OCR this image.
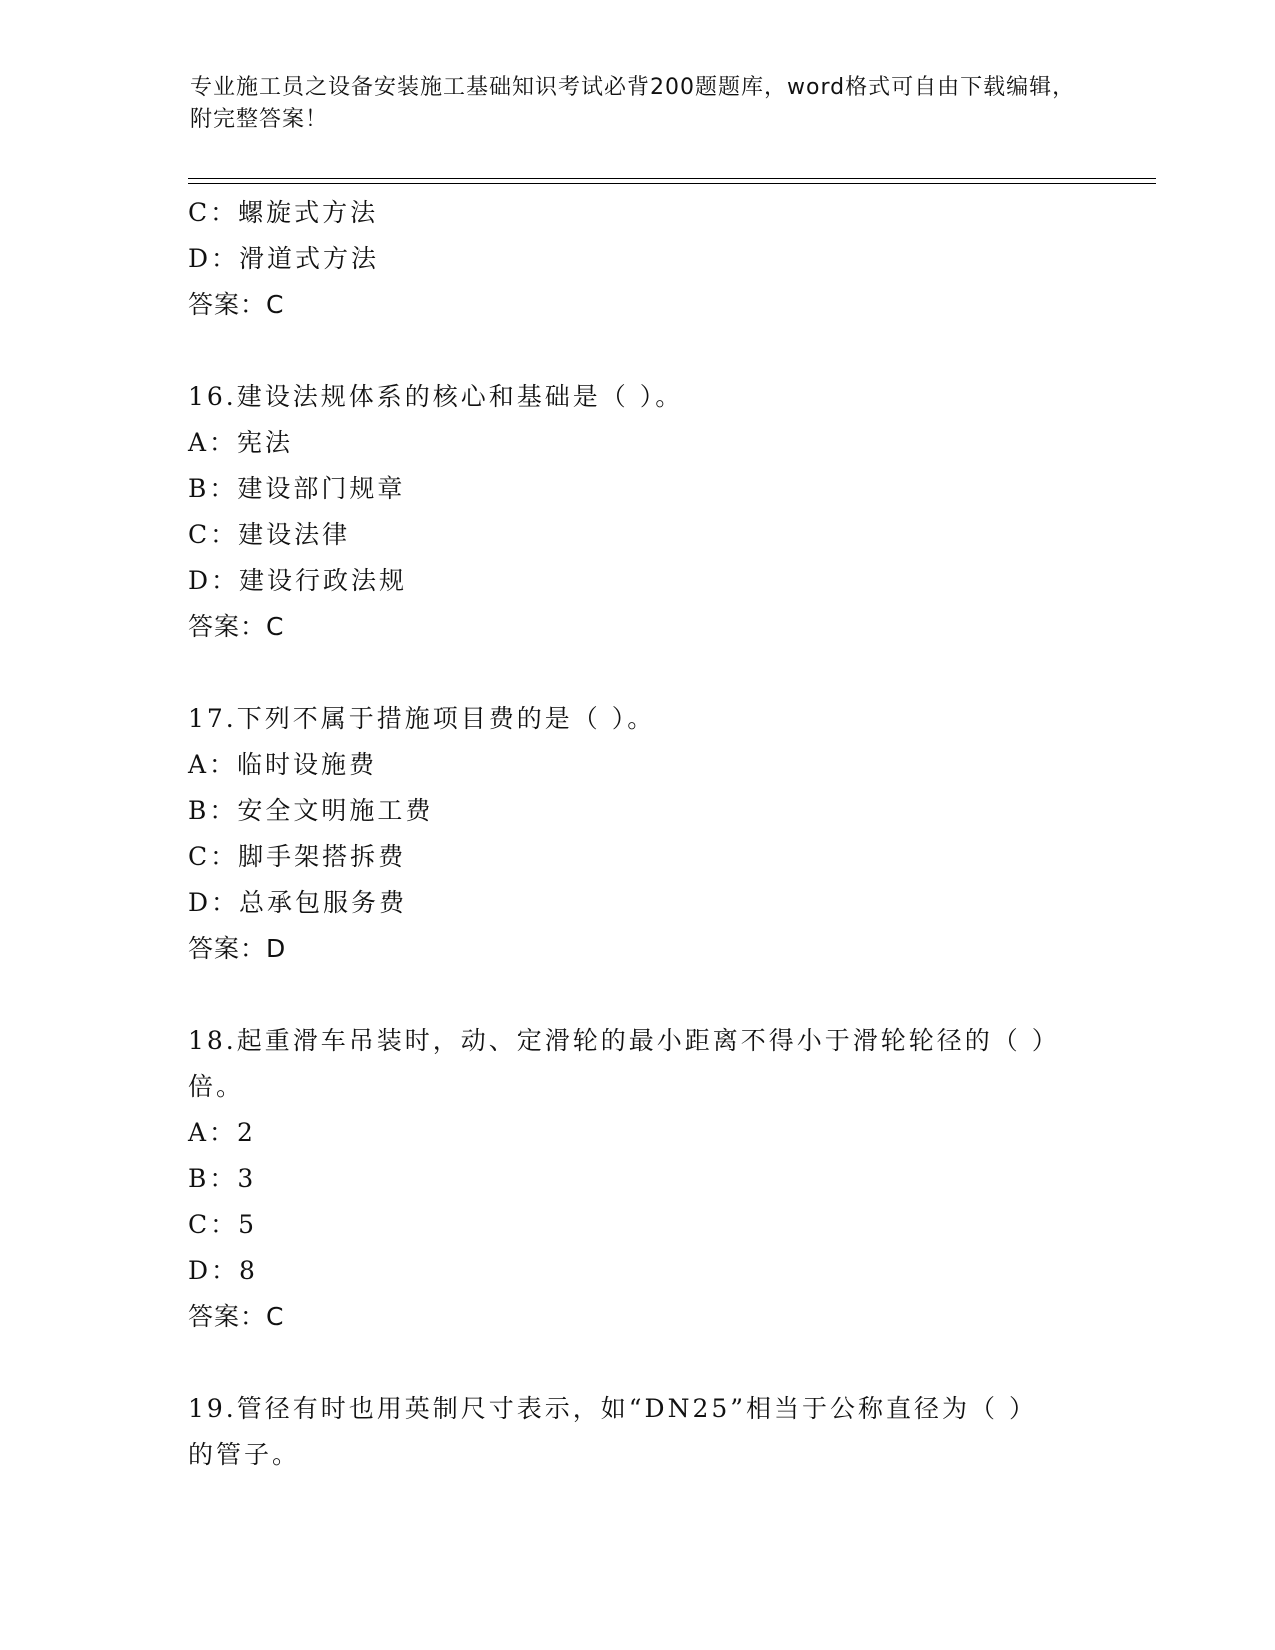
专业施工员之设备安装施工基础知识考试必背200题题库，word格式可自由下载编辑，附完整答案！
C：螺旋式方法
D：滑道式方法
答案：C
16.建设法规体系的核心和基础是（ ）。
A：宪法
B：建设部门规章
C：建设法律
D：建设行政法规
答案：C
17.下列不属于措施项目费的是（ ）。
A：临时设施费
B：安全文明施工费
C：脚手架搭拆费
D：总承包服务费
答案：D
18.起重滑车吊装时，动、定滑轮的最小距离不得小于滑轮轮径的（ ）倍。
A：2
B：3
C：5
D：8
答案：C
19.管径有时也用英制尺寸表示，如“DN25”相当于公称直径为（ ）的管子。
